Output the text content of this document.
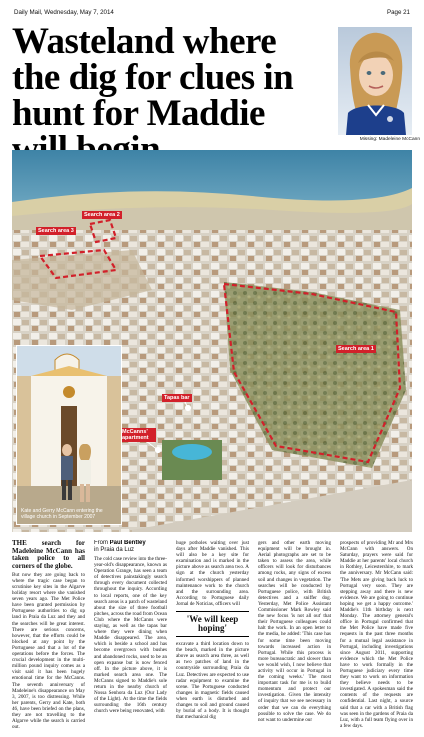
Daily Mail, Wednesday, May 7, 2014	Page 21
Wasteland where the dig for clues in hunt for Maddie
Missing: Madeleine McCann
Search area 2
Search area 3
Search area 1
Tapas bar
McCanns' apartment
Kate and Gerry McCann entering the village church in September 2007

THE search for Madeleine McCann has taken police to all corners of the globe.

But now they are going back to where the tragic case began to scrutinise key sites in the Algarve holiday resort where she vanished seven years ago. The Met Police have been granted permission by Portuguese authorities to dig up land in Praia da Luz and they and the searches will be great interest. There are serious concerns, however, that the efforts could be blocked at any point by the Portuguese and that a lot of the operations before the forces. The crucial development in the multi-million pound inquiry comes as a visit said it has been hugely emotional time for the McCanns. The seventh anniversary of Madeleine's disappearance on May 3, 2007, is too distressing. While her parents, Gerry and Kate, both 46, have been briefed on the plans, they are not travelling to the Algarve while the search is carried out.

From Paul Bentley
in Praia da Luz

The cold case review into the three-year-old's disappearance, known as Operation Grange, has seen a team of detectives painstakingly search through every document collected throughout the inquiry. According to local reports, one of the key search areas is a patch of wasteland about the size of three football pitches, across the road from Ocean Club where the McCanns were staying, as well as the tapas bar where they were dining when Maddie disappeared. The area, which is beside a school and has become overgrown with bushes and abandoned rocks, used to be an open expanse but is now fenced off. In the picture above, it is marked search area one. The McCanns signed to Maddie's sole return in the nearby church of Nossa Senhora da Luz (Our Lady of the Light). At the time the fields surrounding the 16th century church were being renovated, with

huge potholes waiting over just days after Maddie vanished. This will also be a key site for examination and is marked in the picture above as search area two. A sign at the church yesterday informed worshippers of planned maintenance work to the church and the surrounding area. According to Portuguese daily Jornal de Noticias, officers will

'We will keep hoping'

excavate a third location down to the beach, marked in the picture above as search area three, as well as two patches of land in the countryside surrounding Praia da Luz. Detectives are expected to use radar equipment to examine the scene. The Portuguese conducted changes in magnetic fields caused when earth is disturbed and changes to soil and ground caused by burial of a body. It is thought that mechanical dig

gers and other earth moving equipment will be brought in. Aerial photographs are set to be taken to assess the area, while officers will look for disturbances among rocks, any signs of excess soil and changes in vegetation. The searches will be conducted by Portuguese police, with British detectives and a sniffer dog. Yesterday, Met Police Assistant Commissioner Mark Rowley said the new focus 'is not all out' that their Portuguese colleagues could halt the work. In an open letter to the media, he added: 'This case has for some time been moving towards increased action in Portugal. While this process is more bureaucratic and slower than we would wish, I now believe that activity will occur in Portugal in the coming weeks.' The most important task for me is to build momentum and protect our investigation. Given the intensity of inquiry that we see necessary in order that we can do everything possible to solve the case. We do not want to undermine our

prospects of providing Mr and Mrs McCann with answers. On Saturday, prayers were said for Maddie at her parents' local church in Rothley, Leicestershire, to mark the anniversary. Mr McCann said: 'The Mets are giving back luck to Portugal very soon. They are stepping away and there is new evidence. We are going to continue hoping we get a happy outcome.' Maddie's 11th birthday is next Monday. The attorney general's office in Portugal confirmed that the Met Police have made five requests in the past three months for a mutual legal assistance in Portugal, including investigations since August 2011, supporting evidence which the Met Police have to work formally in the Portuguese judiciary every time they want to work on information they believe needs to be investigated. A spokesman said the contents of the requests are confidential. Last night, a source said that a car with a British flag was seen in the gardens of Praia da Luz, with a full team flying over in a few days.
